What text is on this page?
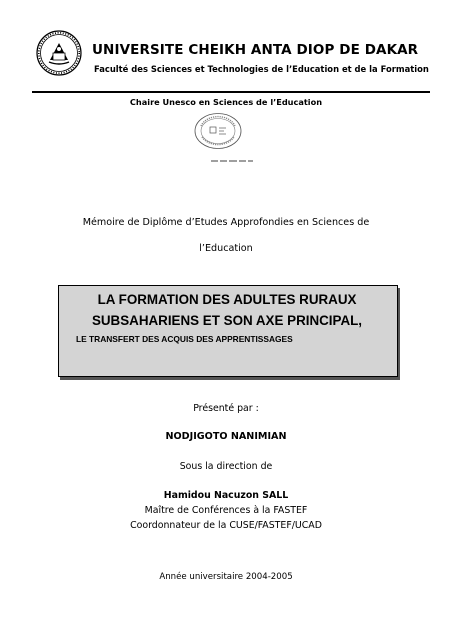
UNIVERSITE CHEIKH ANTA DIOP DE DAKAR
Faculté des Sciences et Technologies de l’Education et de la Formation
Chaire Unesco en Sciences de l’Education
Mémoire de Diplôme d’Etudes Approfondies en Sciences de
l’Education
LA FORMATION DES ADULTES RURAUX
SUBSAHARIENS ET SON AXE PRINCIPAL,
LE TRANSFERT DES ACQUIS DES APPRENTISSAGES
Présenté par :
NODJIGOTO NANIMIAN
Sous la direction de
Hamidou Nacuzon SALL
Maître de Conférences à la FASTEF
Coordonnateur de la CUSE/FASTEF/UCAD
Année universitaire 2004-2005
